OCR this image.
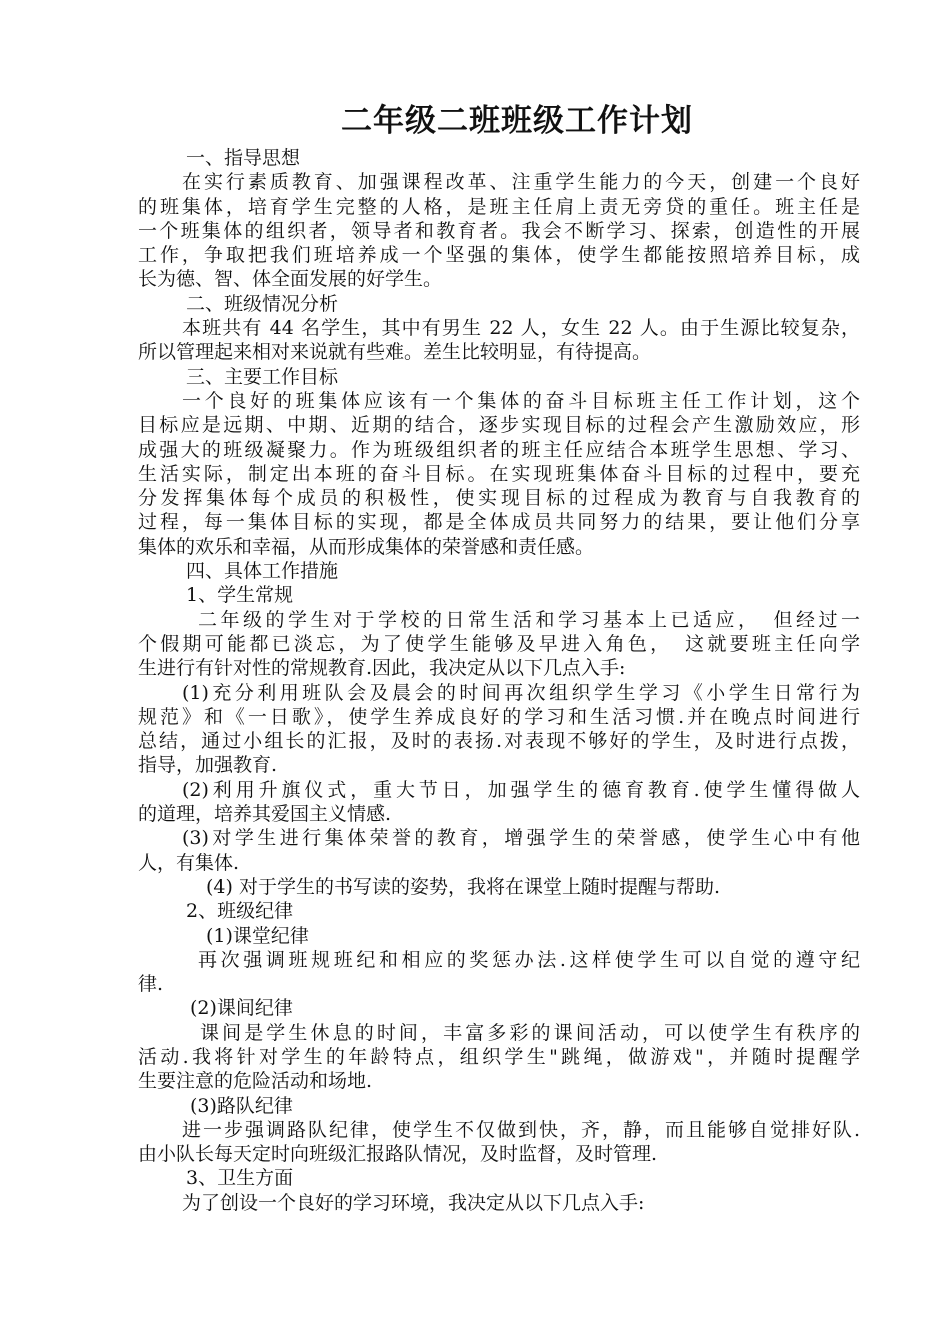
二年级二班班级工作计划
一、指导思想
在实行素质教育、加强课程改革、注重学生能力的今天，创建一个良好
的班集体，培育学生完整的人格，是班主任肩上责无旁贷的重任。班主任是
一个班集体的组织者，领导者和教育者。我会不断学习、探索，创造性的开展
工作，争取把我们班培养成一个坚强的集体，使学生都能按照培养目标，成
长为德、智、体全面发展的好学生。
二、班级情况分析
本班共有 44 名学生，其中有男生 22 人，女生 22 人。由于生源比较复杂，
所以管理起来相对来说就有些难。差生比较明显，有待提高。
三、主要工作目标
一个良好的班集体应该有一个集体的奋斗目标班主任工作计划，这个
目标应是远期、中期、近期的结合，逐步实现目标的过程会产生激励效应，形
成强大的班级凝聚力。作为班级组织者的班主任应结合本班学生思想、学习、
生活实际，制定出本班的奋斗目标。在实现班集体奋斗目标的过程中，要充
分发挥集体每个成员的积极性，使实现目标的过程成为教育与自我教育的
过程，每一集体目标的实现，都是全体成员共同努力的结果，要让他们分享
集体的欢乐和幸福，从而形成集体的荣誉感和责任感。
四、具体工作措施
1、学生常规
二年级的学生对于学校的日常生活和学习基本上已适应，　但经过一
个假期可能都已淡忘，为了使学生能够及早进入角色，　这就要班主任向学
生进行有针对性的常规教育.因此，我决定从以下几点入手:
(1)充分利用班队会及晨会的时间再次组织学生学习《小学生日常行为
规范》和《一日歌》，使学生养成良好的学习和生活习惯.并在晚点时间进行
总结，通过小组长的汇报，及时的表扬.对表现不够好的学生，及时进行点拨，
指导，加强教育.
(2)利用升旗仪式，重大节日，加强学生的德育教育.使学生懂得做人
的道理，培养其爱国主义情感.
(3)对学生进行集体荣誉的教育，增强学生的荣誉感，使学生心中有他
人，有集体.
(4) 对于学生的书写读的姿势，我将在课堂上随时提醒与帮助.
2、班级纪律
(1)课堂纪律
再次强调班规班纪和相应的奖惩办法.这样使学生可以自觉的遵守纪
律.
(2)课间纪律
课间是学生休息的时间，丰富多彩的课间活动，可以使学生有秩序的
活动.我将针对学生的年龄特点，组织学生"跳绳，做游戏"，并随时提醒学
生要注意的危险活动和场地.
(3)路队纪律
进一步强调路队纪律，使学生不仅做到快，齐，静，而且能够自觉排好队.
由小队长每天定时向班级汇报路队情况，及时监督，及时管理.
3、卫生方面
为了创设一个良好的学习环境，我决定从以下几点入手:
